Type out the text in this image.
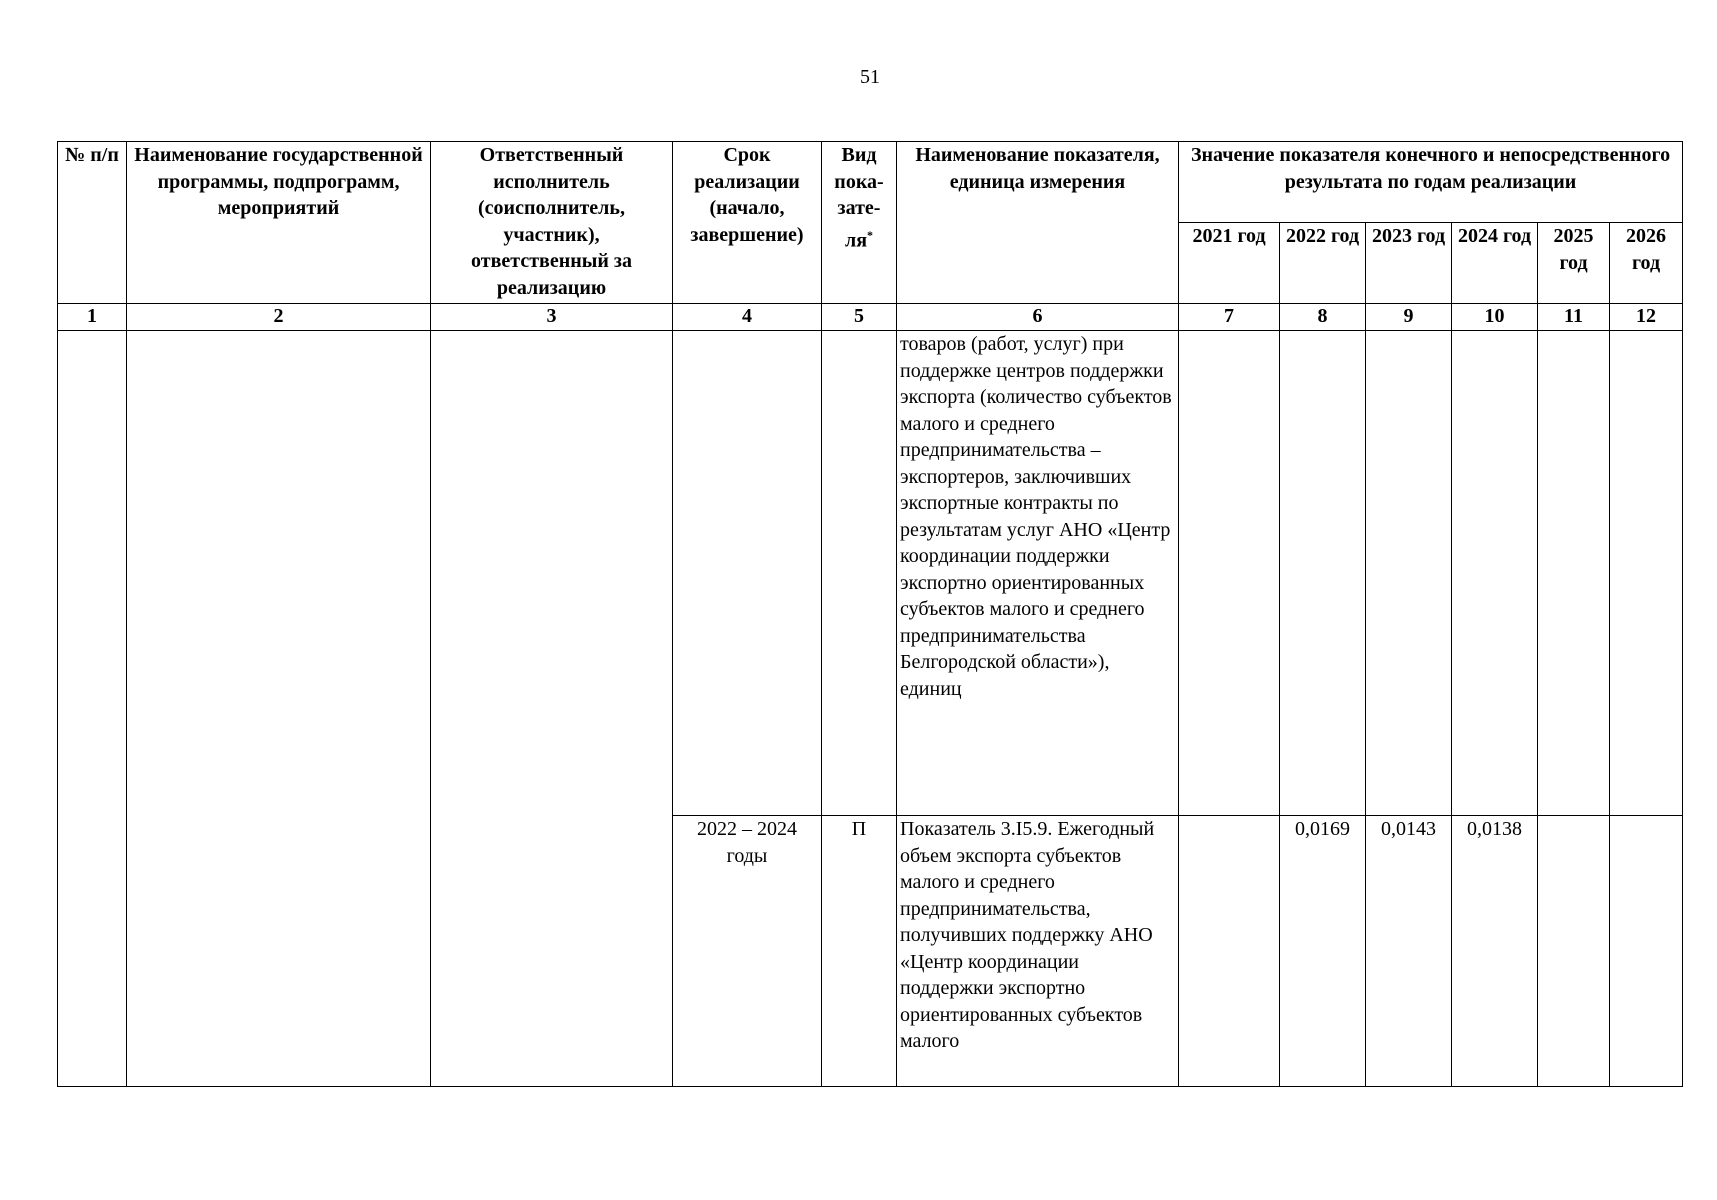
51
№ п/п	Наименование государственной программы, подпрограмм, мероприятий	Ответственный исполнитель (соисполнитель, участник), ответственный за реализацию	Срок реализации (начало, завершение)	Вид пока-зате-ля*	Наименование показателя, единица измерения	Значение показателя конечного и непосредственного результата по годам реализации					
						2021 год	2022 год	2023 год	2024 год	2025 год	2026 год
1	2	3	4	5	6	7	8	9	10	11	12
					товаров (работ, услуг) при поддержке центров поддержки экспорта (количество субъектов малого и среднего предпринимательства – экспортеров, заключивших экспортные контракты по результатам услуг АНО «Центр координации поддержки экспортно ориентированных субъектов малого и среднего предпринимательства Белгородской области»), единиц						
			2022 – 2024 годы	П	Показатель 3.I5.9. Ежегодный объем экспорта субъектов малого и среднего предпринимательства, получивших поддержку АНО «Центр координации поддержки экспортно ориентированных субъектов малого		0,0169	0,0143	0,0138		
